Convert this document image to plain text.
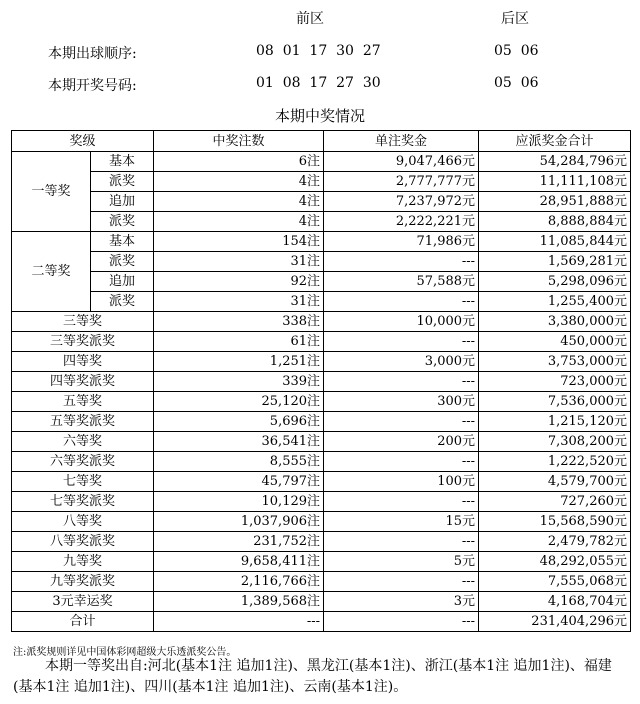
前区	后区
本期出球顺序:	08  01  17  30  27	05  06
本期开奖号码:	01  08  17  27  30	05  06
本期中奖情况
奖级		中奖注数	单注奖金	应派奖金合计
一等奖	基本	6注	9,047,466元	54,284,796元
	派奖	4注	2,777,777元	11,111,108元
	追加	4注	7,237,972元	28,951,888元
	派奖	4注	2,222,221元	8,888,884元
二等奖	基本	154注	71,986元	11,085,844元
	派奖	31注	---	1,569,281元
	追加	92注	57,588元	5,298,096元
	派奖	31注	---	1,255,400元
三等奖		338注	10,000元	3,380,000元
三等奖派奖		61注	---	450,000元
四等奖		1,251注	3,000元	3,753,000元
四等奖派奖		339注	---	723,000元
五等奖		25,120注	300元	7,536,000元
五等奖派奖		5,696注	---	1,215,120元
六等奖		36,541注	200元	7,308,200元
六等奖派奖		8,555注	---	1,222,520元
七等奖		45,797注	100元	4,579,700元
七等奖派奖		10,129注	---	727,260元
八等奖		1,037,906注	15元	15,568,590元
八等奖派奖		231,752注	---	2,479,782元
九等奖		9,658,411注	5元	48,292,055元
九等奖派奖		2,116,766注	---	7,555,068元
3元幸运奖		1,389,568注	3元	4,168,704元
合计		---	---	231,404,296元
注:派奖规则详见中国体彩网超级大乐透派奖公告。
本期一等奖出自:河北(基本1注 追加1注)、黑龙江(基本1注)、浙江(基本1注 追加1注)、福建(基本1注 追加1注)、四川(基本1注 追加1注)、云南(基本1注)。
